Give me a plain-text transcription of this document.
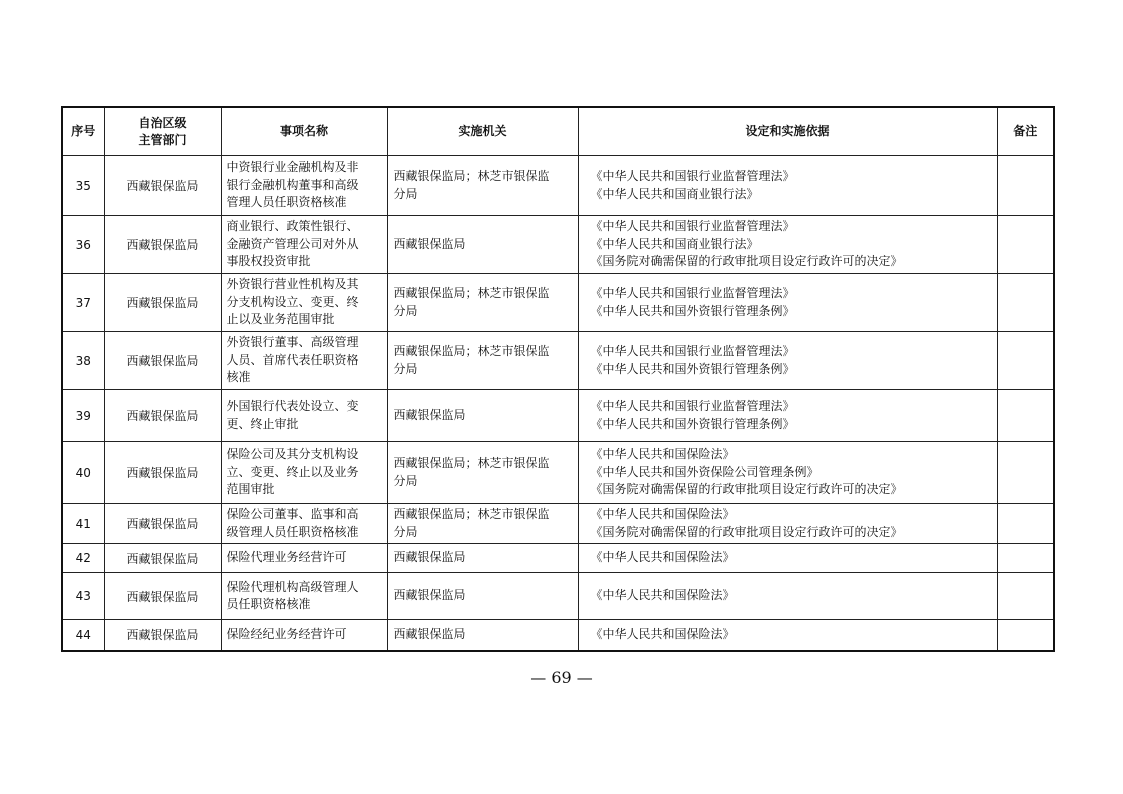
序号	自治区级
主管部门	事项名称	实施机关	设定和实施依据	备注

35	西藏银保监局	中资银行业金融机构及非
银行金融机构董事和高级
管理人员任职资格核准	西藏银保监局；林芝市银保监
分局	《中华人民共和国银行业监督管理法》
《中华人民共和国商业银行法》	

36	西藏银保监局	商业银行、政策性银行、
金融资产管理公司对外从
事股权投资审批	西藏银保监局	《中华人民共和国银行业监督管理法》
《中华人民共和国商业银行法》
《国务院对确需保留的行政审批项目设定行政许可的决定》	

37	西藏银保监局	外资银行营业性机构及其
分支机构设立、变更、终
止以及业务范围审批	西藏银保监局；林芝市银保监
分局	《中华人民共和国银行业监督管理法》
《中华人民共和国外资银行管理条例》	

38	西藏银保监局	外资银行董事、高级管理
人员、首席代表任职资格
核准	西藏银保监局；林芝市银保监
分局	《中华人民共和国银行业监督管理法》
《中华人民共和国外资银行管理条例》	

39	西藏银保监局	外国银行代表处设立、变
更、终止审批	西藏银保监局	《中华人民共和国银行业监督管理法》
《中华人民共和国外资银行管理条例》	

40	西藏银保监局	保险公司及其分支机构设
立、变更、终止以及业务
范围审批	西藏银保监局；林芝市银保监
分局	《中华人民共和国保险法》
《中华人民共和国外资保险公司管理条例》
《国务院对确需保留的行政审批项目设定行政许可的决定》	

41	西藏银保监局	保险公司董事、监事和高
级管理人员任职资格核准	西藏银保监局；林芝市银保监
分局	《中华人民共和国保险法》
《国务院对确需保留的行政审批项目设定行政许可的决定》	

42	西藏银保监局	保险代理业务经营许可	西藏银保监局	《中华人民共和国保险法》	

43	西藏银保监局	保险代理机构高级管理人
员任职资格核准	西藏银保监局	《中华人民共和国保险法》	

44	西藏银保监局	保险经纪业务经营许可	西藏银保监局	《中华人民共和国保险法》	

— 69 —
